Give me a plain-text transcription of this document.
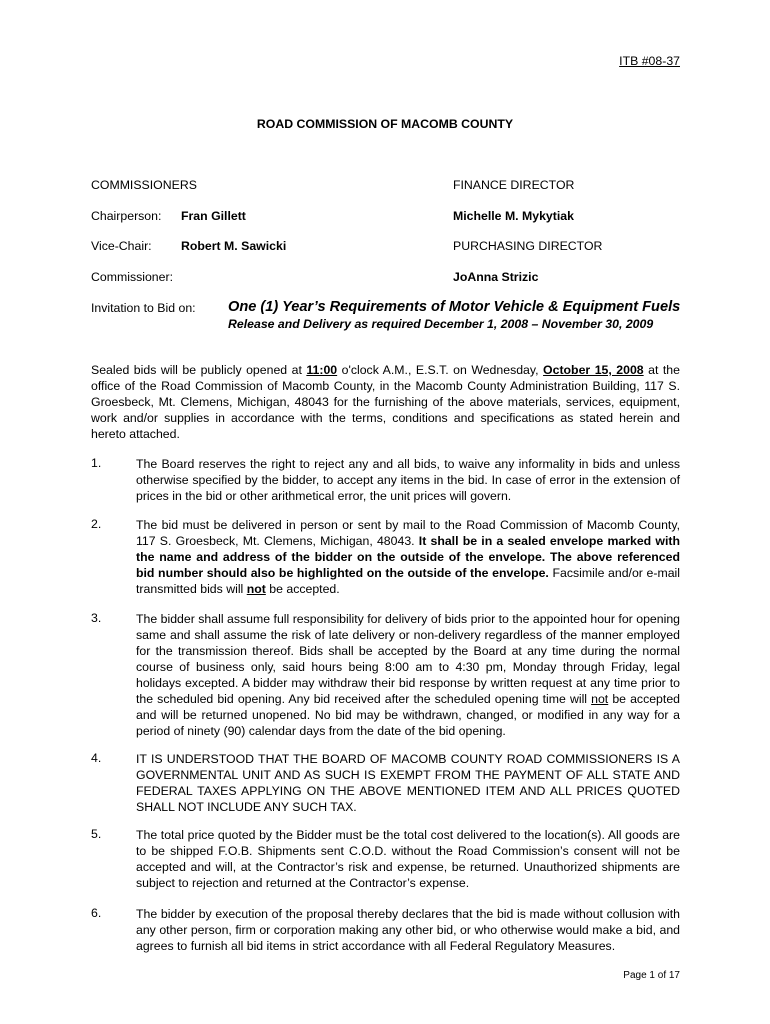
ITB #08-37
ROAD COMMISSION OF MACOMB COUNTY
COMMISSIONERS	FINANCE DIRECTOR
Chairperson: Fran Gillett	Michelle M. Mykytiak
Vice-Chair: Robert M. Sawicki	PURCHASING DIRECTOR
Commissioner:	JoAnna Strizic
Invitation to Bid on: One (1) Year’s Requirements of Motor Vehicle & Equipment Fuels
Release and Delivery as required December 1, 2008 – November 30, 2009
Sealed bids will be publicly opened at 11:00 o'clock A.M., E.S.T. on Wednesday, October 15, 2008 at the office of the Road Commission of Macomb County, in the Macomb County Administration Building, 117 S. Groesbeck, Mt. Clemens, Michigan, 48043 for the furnishing of the above materials, services, equipment, work and/or supplies in accordance with the terms, conditions and specifications as stated herein and hereto attached.
1.	The Board reserves the right to reject any and all bids, to waive any informality in bids and unless otherwise specified by the bidder, to accept any items in the bid. In case of error in the extension of prices in the bid or other arithmetical error, the unit prices will govern.
2.	The bid must be delivered in person or sent by mail to the Road Commission of Macomb County, 117 S. Groesbeck, Mt. Clemens, Michigan, 48043. It shall be in a sealed envelope marked with the name and address of the bidder on the outside of the envelope. The above referenced bid number should also be highlighted on the outside of the envelope. Facsimile and/or e-mail transmitted bids will not be accepted.
3.	The bidder shall assume full responsibility for delivery of bids prior to the appointed hour for opening same and shall assume the risk of late delivery or non-delivery regardless of the manner employed for the transmission thereof. Bids shall be accepted by the Board at any time during the normal course of business only, said hours being 8:00 am to 4:30 pm, Monday through Friday, legal holidays excepted. A bidder may withdraw their bid response by written request at any time prior to the scheduled bid opening. Any bid received after the scheduled opening time will not be accepted and will be returned unopened. No bid may be withdrawn, changed, or modified in any way for a period of ninety (90) calendar days from the date of the bid opening.
4.	IT IS UNDERSTOOD THAT THE BOARD OF MACOMB COUNTY ROAD COMMISSIONERS IS A GOVERNMENTAL UNIT AND AS SUCH IS EXEMPT FROM THE PAYMENT OF ALL STATE AND FEDERAL TAXES APPLYING ON THE ABOVE MENTIONED ITEM AND ALL PRICES QUOTED SHALL NOT INCLUDE ANY SUCH TAX.
5.	The total price quoted by the Bidder must be the total cost delivered to the location(s). All goods are to be shipped F.O.B. Shipments sent C.O.D. without the Road Commission’s consent will not be accepted and will, at the Contractor’s risk and expense, be returned. Unauthorized shipments are subject to rejection and returned at the Contractor’s expense.
6.	The bidder by execution of the proposal thereby declares that the bid is made without collusion with any other person, firm or corporation making any other bid, or who otherwise would make a bid, and agrees to furnish all bid items in strict accordance with all Federal Regulatory Measures.
Page 1 of 17
